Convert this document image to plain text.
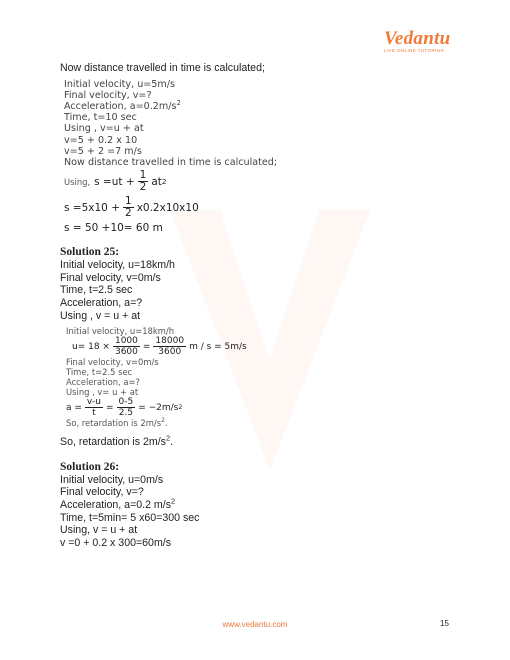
Vedantu
LIVE ONLINE TUTORING
Now distance travelled in time is calculated;
Initial velocity, u=5m/s
Final velocity, v=?
Acceleration, $a=0.2m/s^2$
Time, t=10 sec
Using , v=u + at
v=5 + 0.2 x 10
v=5 + 2 =7 m/s
Now distance travelled in time is calculated;
Using, $s =ut + \frac{1}{2}$ at 2
$s =5x10 + \frac{1}{2} x0.2x10x10$
s = 50 +10= 60 m
Solution 25:
Initial velocity, u=18km/h
Final velocity, v=0m/s
Time, t=2.5 sec
Acceleration, a=?
Using , v = u + at
Initial velocity, u=18km/h
$u= 18 \times \frac{1000}{3600} = \frac{18000}{3600}$ m / s = 5m/s
Final velocity, v=0m/s
Time, t=2.5 sec
Acceleration, a=?
Using , v= u + at
$a = \frac{v-u}{t} = \frac{0-5}{2.5} = -2m/s$ 2
So, retardation is $2m/s^2$.
So, retardation is $2m/s^2$.
Solution 26:
Initial velocity, u=0m/s
Final velocity, v=?
Acceleration, a=0.2 $m/s^2$
Time, t=5min= 5 x60=300 sec
Using, v = u + at
v =0 + 0.2 x 300=60m/s
www.vedantu.com	15
